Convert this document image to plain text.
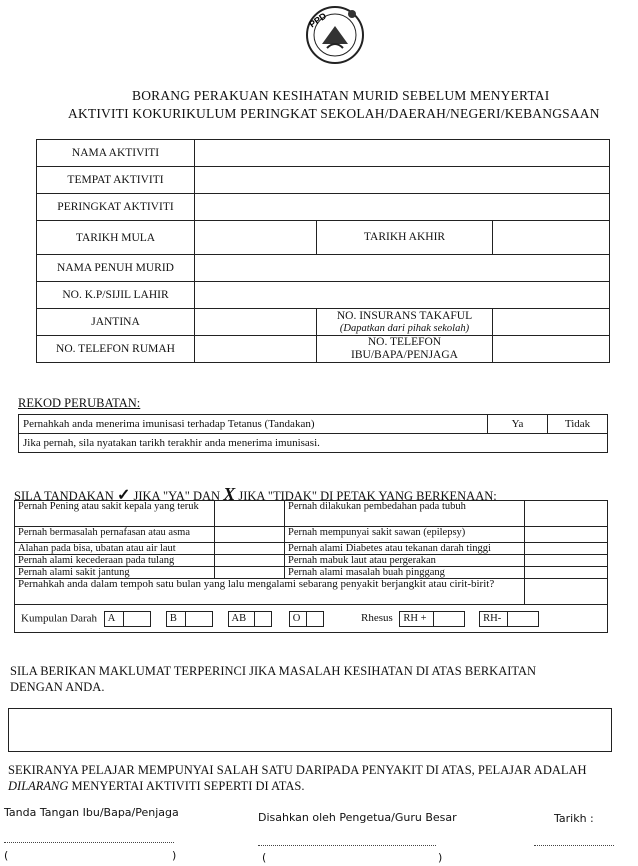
PPD
BORANG PERAKUAN KESIHATAN MURID SEBELUM MENYERTAI
AKTIVITI KOKURIKULUM PERINGKAT SEKOLAH/DAERAH/NEGERI/KEBANGSAAN
NAMA AKTIVITI			
TEMPAT AKTIVITI			
PERINGKAT AKTIVITI			
TARIKH MULA		TARIKH AKHIR	
NAMA PENUH MURID			
NO. K.P/SIJIL LAHIR			
JANTINA		NO. INSURANS TAKAFUL
(Dapatkan dari pihak sekolah)	

NO. TELEFON RUMAH		NO. TELEFON
IBU/BAPA/PENJAGA	

REKOD PERUBATAN:
Pernahkah anda menerima imunisasi terhadap Tetanus (Tandakan)	Ya	Tidak
Jika pernah, sila nyatakan tarikh terakhir anda menerima imunisasi.
SILA TANDAKAN ✓ JIKA "YA" DAN X JIKA "TIDAK" DI PETAK YANG BERKENAAN:
Pernah Pening atau sakit kepala yang teruk		Pernah dilakukan pembedahan pada tubuh	
Pernah bermasalah pernafasan atau asma		Pernah mempunyai sakit sawan (epilepsy)	
Alahan pada bisa, ubatan atau air laut		Pernah alami Diabetes atau tekanan darah tinggi	
Pernah alami kecederaan pada tulang		Pernah mabuk laut atau pergerakan	
Pernah alami sakit jantung		Pernah alami masalah buah pinggang	
Pernahkah anda dalam tempoh satu bulan yang lalu mengalami sebarang penyakit berjangkit atau cirit-birit?			
Kumpulan Darah A B AB O Rhesus RH + RH-			
SILA BERIKAN MAKLUMAT TERPERINCI JIKA MASALAH KESIHATAN DI ATAS BERKAITAN
DENGAN ANDA.
SEKIRANYA PELAJAR MEMPUNYAI SALAH SATU DARIPADA PENYAKIT DI ATAS, PELAJAR ADALAH
DILARANG MENYERTAI AKTIVITI SEPERTI DI ATAS.
Tanda Tangan Ibu/Bapa/Penjaga	Disahkan oleh Pengetua/Guru Besar	Tarikh :
(	)	(	)
